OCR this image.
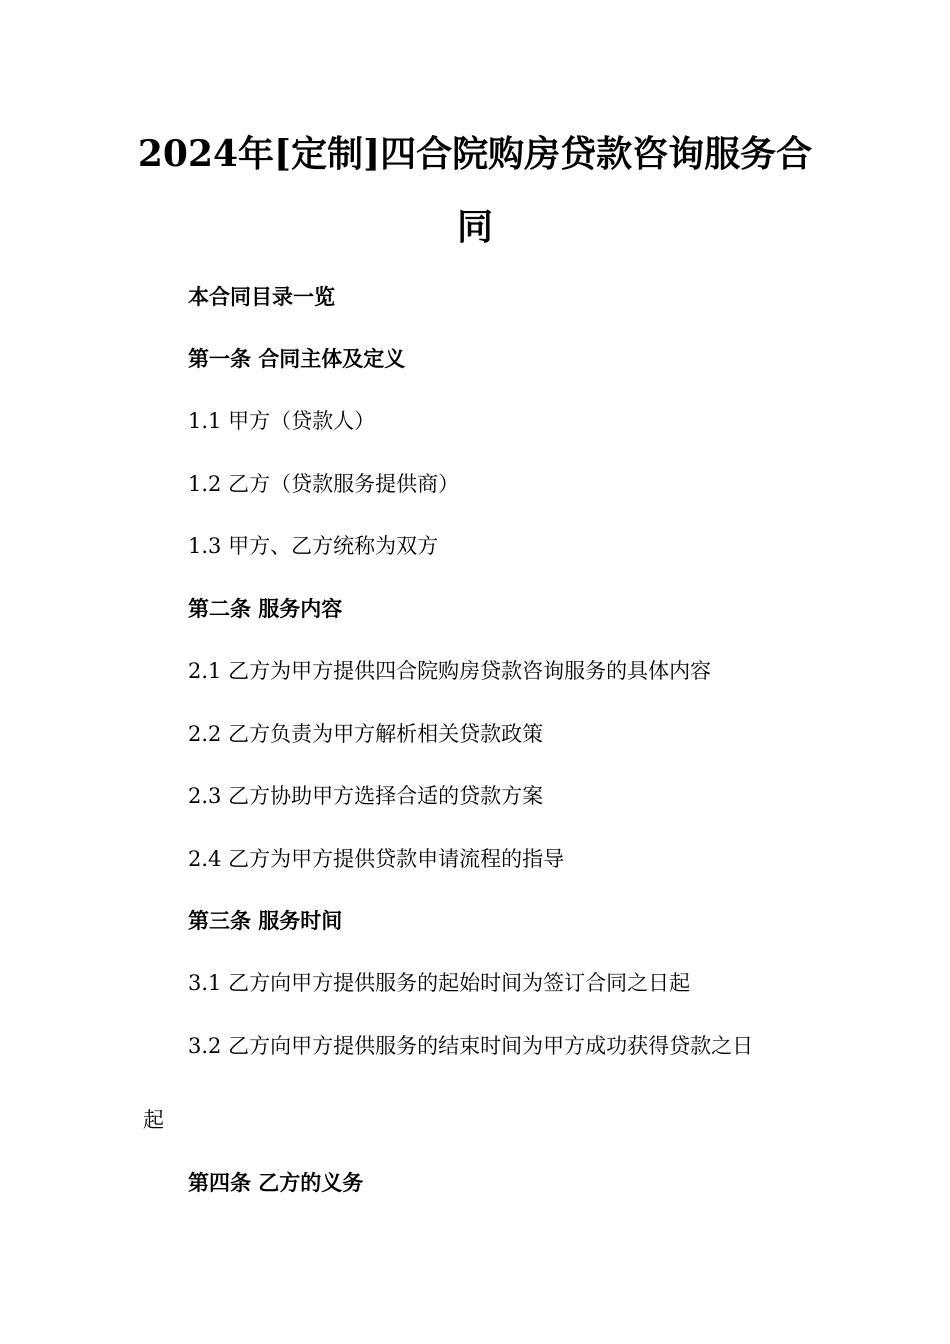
2024年[定制]四合院购房贷款咨询服务合
同
本合同目录一览
第一条 合同主体及定义
1.1 甲方（贷款人）
1.2 乙方（贷款服务提供商）
1.3 甲方、乙方统称为双方
第二条 服务内容
2.1 乙方为甲方提供四合院购房贷款咨询服务的具体内容
2.2 乙方负责为甲方解析相关贷款政策
2.3 乙方协助甲方选择合适的贷款方案
2.4 乙方为甲方提供贷款申请流程的指导
第三条 服务时间
3.1 乙方向甲方提供服务的起始时间为签订合同之日起
3.2 乙方向甲方提供服务的结束时间为甲方成功获得贷款之日
起
第四条 乙方的义务
